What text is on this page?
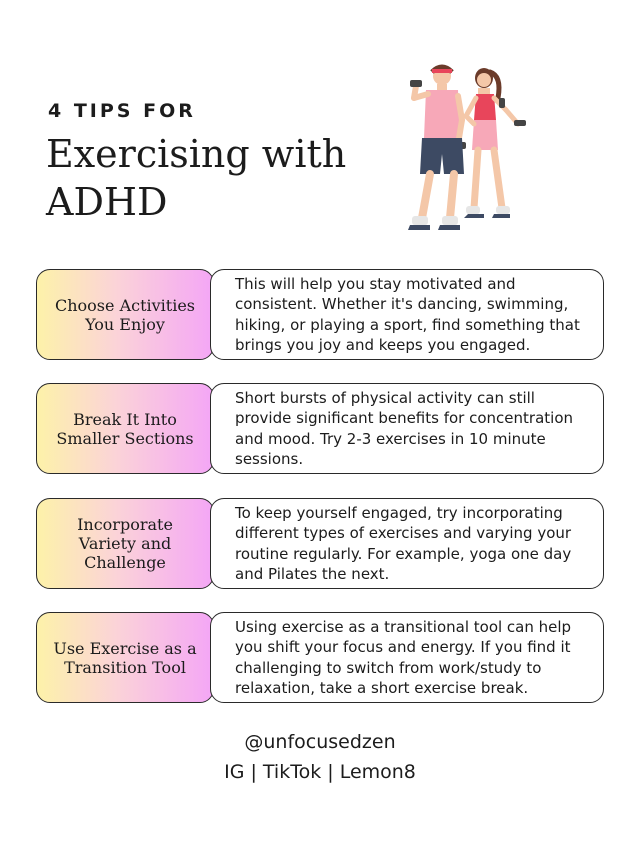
4 TIPS FOR
Exercising with ADHD
Choose Activities You Enjoy
This will help you stay motivated and consistent. Whether it's dancing, swimming, hiking, or playing a sport, find something that brings you joy and keeps you engaged.
Break It Into Smaller Sections
Short bursts of physical activity can still provide significant benefits for concentration and mood. Try 2-3 exercises in 10 minute sessions.
Incorporate Variety and Challenge
To keep yourself engaged, try incorporating different types of exercises and varying your routine regularly. For example, yoga one day and Pilates the next.
Use Exercise as a Transition Tool
Using exercise as a transitional tool can help you shift your focus and energy. If you find it challenging to switch from work/study to relaxation, take a short exercise break.
@unfocusedzen
IG | TikTok | Lemon8
